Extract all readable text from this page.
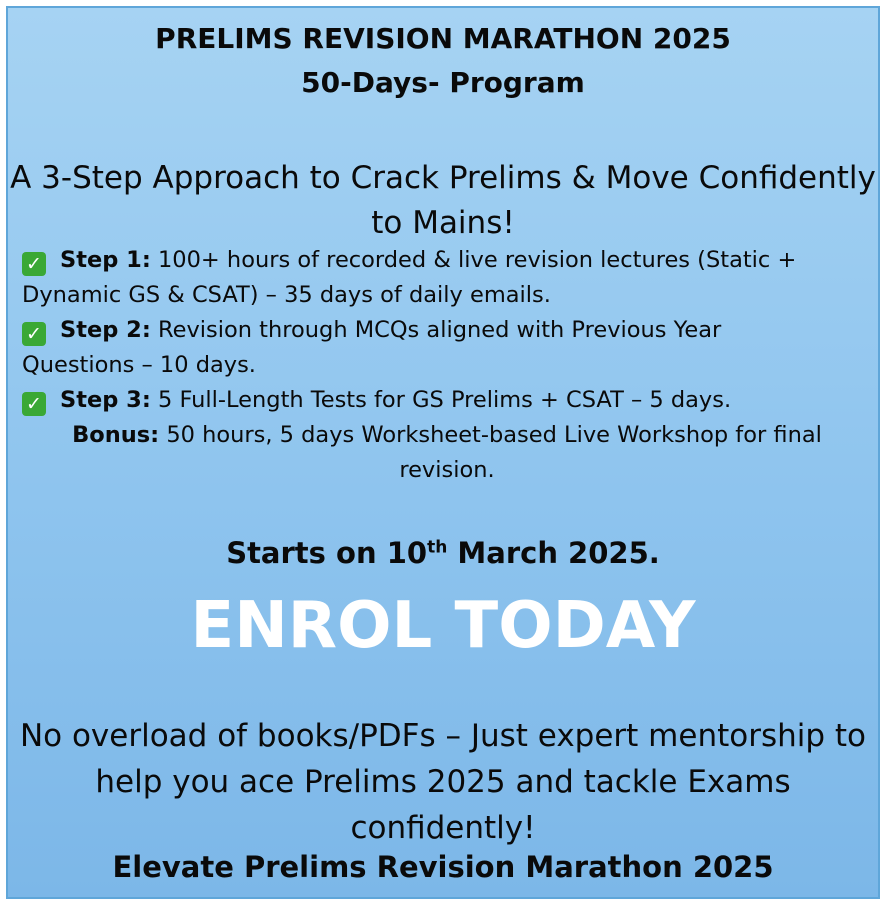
PRELIMS REVISION MARATHON 2025
50-Days- Program
A 3-Step Approach to Crack Prelims & Move Confidently to Mains!
✓ Step 1: 100+ hours of recorded & live revision lectures (Static +
Dynamic GS & CSAT) – 35 days of daily emails.
✓ Step 2: Revision through MCQs aligned with Previous Year
Questions – 10 days.
✓ Step 3: 5 Full-Length Tests for GS Prelims + CSAT – 5 days.
Bonus: 50 hours, 5 days Worksheet-based Live Workshop for final
revision.
Starts on 10th March 2025.
ENROL TODAY
No overload of books/PDFs – Just expert mentorship to help you ace Prelims 2025 and tackle Exams confidently!
Elevate Prelims Revision Marathon 2025
